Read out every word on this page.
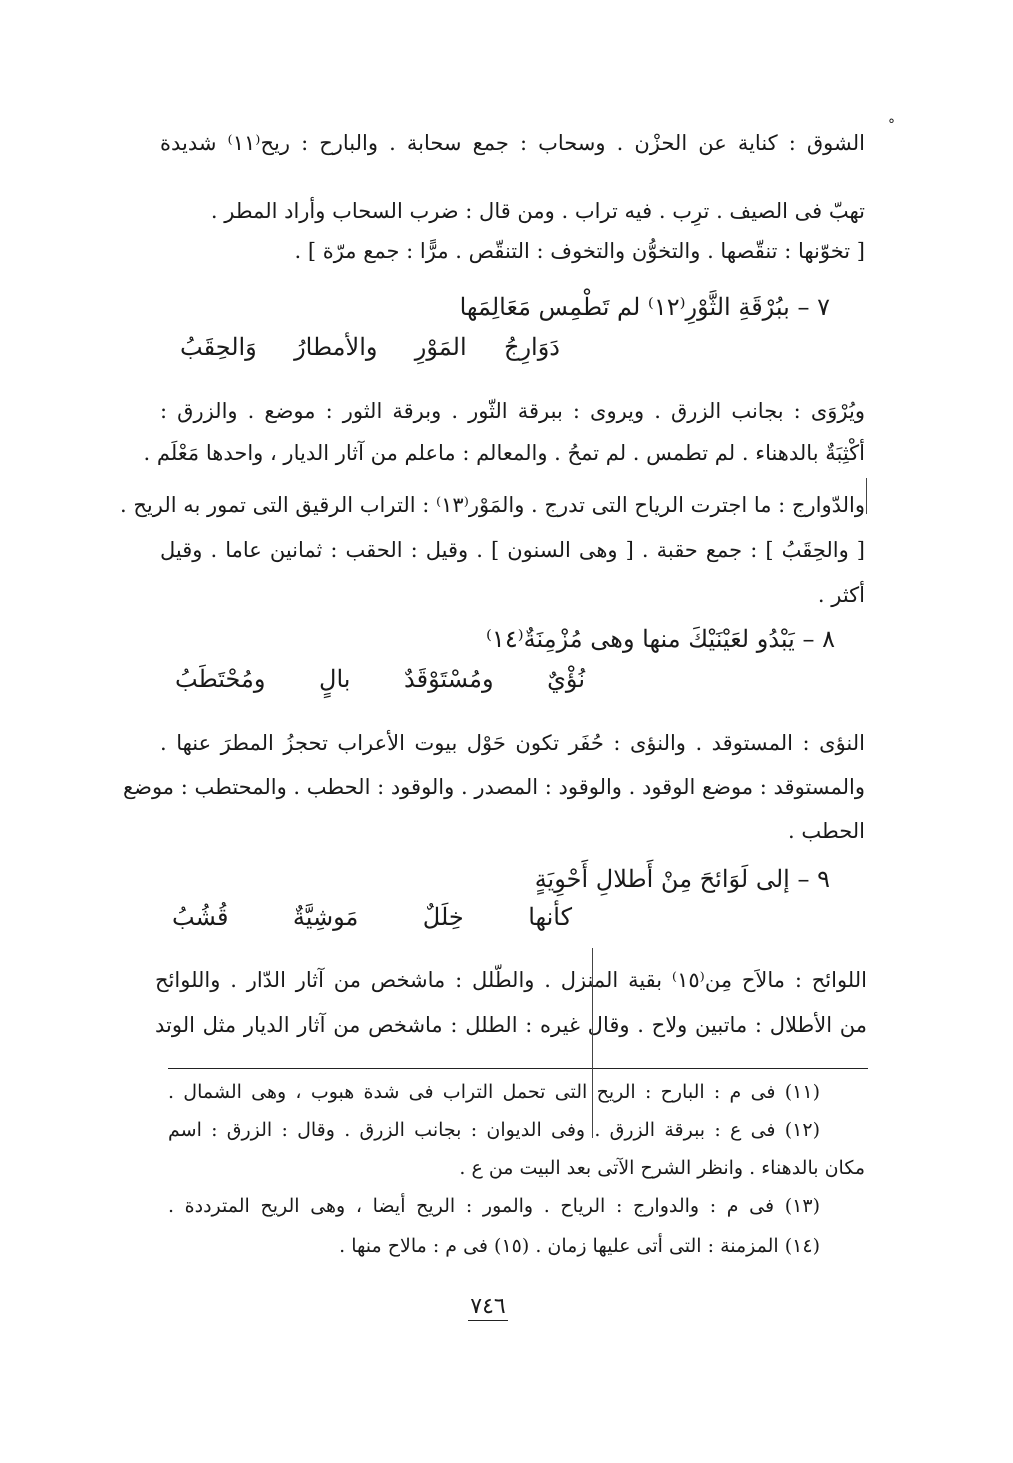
°
الشوق : كناية عن الحزْن . وسحاب : جمع سحابة . والبارح : ريح⁽١١⁾ شديدة
تهبّ فى الصيف . ترِب . فيه تراب . ومن قال : ضرب السحاب وأراد المطر .
[ تخوّنها : تنقّصها . والتخوُّن والتخوف : التنقّص . مرًّا : جمع مرّة ] .
٧ – ببُرْقَةِ الثَّوْرِ⁽١٢⁾ لم تَطْمِس مَعَالِمَها
دَوَارِجُ المَوْرِ والأمطارُ وَالحِقَبُ
ويُرْوَى : بجانب الزرق . ويروى : ببرقة الثّور . وبرقة الثور : موضع . والزرق :
أكْثِبَةٌ بالدهناء . لم تطمس . لم تمحُ . والمعالم : ماعلم من آثار الديار ، واحدها مَعْلَم .
والدّوارج : ما اجترت الرياح التى تدرج . والمَوْر⁽١٣⁾ : التراب الرقيق التى تمور به الريح .
[ والحِقَبُ ] : جمع حقبة . [ وهى السنون ] . وقيل : الحقب : ثمانين عاما . وقيل
أكثر .
٨ – يَبْدُو لعَيْنَيْكَ منها وهى مُزْمِنَةٌ⁽١٤⁾
نُؤْيٌ ومُسْتَوْقَدٌ بالٍ ومُحْتَطَبُ
النؤى : المستوقد . والنؤى : حُفَر تكون حَوْل بيوت الأعراب تحجزُ المطرَ عنها .
والمستوقد : موضع الوقود . والوقود : المصدر . والوقود : الحطب . والمحتطب : موضع
الحطب .
٩ – إلى لَوَائحَ مِنْ أَطلالِ أَحْوِيَةٍ
كأنها خِلَلٌ مَوشِيَّةٌ قُشُبُ
اللوائح : مالاَح مِن⁽١٥⁾ بقية المنزل . والطّلل : ماشخص من آثار الدّار . واللوائح
من الأطلال : ماتبين ولاح . وقال غيره : الطلل : ماشخص من آثار الديار مثل الوتد
(١١) فى م : البارح : الريح التى تحمل التراب فى شدة هبوب ، وهى الشمال .
(١٢) فى ع : ببرقة الزرق . وفى الديوان : بجانب الزرق . وقال : الزرق : اسم
مكان بالدهناء . وانظر الشرح الآتى بعد البيت من ع .
(١٣) فى م : والدوارج : الرياح . والمور : الريح أيضا ، وهى الريح المترددة .
(١٤) المزمنة : التى أتى عليها زمان . (١٥) فى م : مالاح منها .
٧٤٦
